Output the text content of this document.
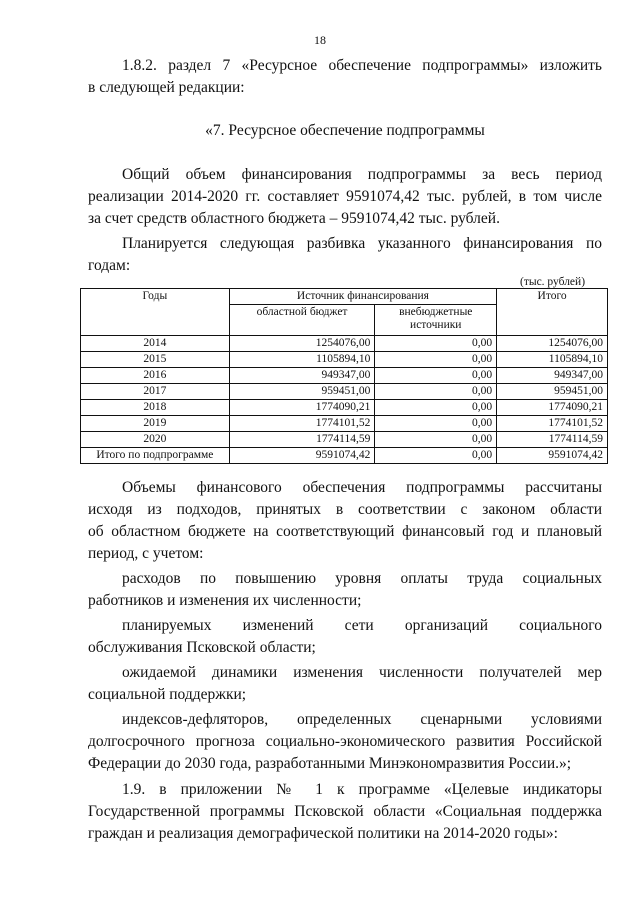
18

1.8.2. раздел 7 «Ресурсное обеспечение подпрограммы» изложить

в следующей редакции:

«7. Ресурсное обеспечение подпрограммы

Общий объем финансирования подпрограммы за весь период

реализации 2014-2020 гг. составляет 9591074,42 тыс. рублей, в том числе

за счет средств областного бюджета – 9591074,42 тыс. рублей.

Планируется следующая разбивка указанного финансирования по

годам:

(тыс. рублей)
Годы	Источник финансирования		Итого
	областной бюджет	внебюджетные источники	
2014	1254076,00	0,00	1254076,00
2015	1105894,10	0,00	1105894,10
2016	949347,00	0,00	949347,00
2017	959451,00	0,00	959451,00
2018	1774090,21	0,00	1774090,21
2019	1774101,52	0,00	1774101,52
2020	1774114,59	0,00	1774114,59
Итого по подпрограмме	9591074,42	0,00	9591074,42

Объемы финансового обеспечения подпрограммы рассчитаны

исходя из подходов, принятых в соответствии с законом области

об областном бюджете на соответствующий финансовый год и плановый

период, с учетом:

расходов по повышению уровня оплаты труда социальных

работников и изменения их численности;

планируемых изменений сети организаций социального

обслуживания Псковской области;

ожидаемой динамики изменения численности получателей мер

социальной поддержки;

индексов-дефляторов, определенных сценарными условиями

долгосрочного прогноза социально-экономического развития Российской

Федерации до 2030 года, разработанными Минэкономразвития России.»;

1.9. в приложении № 1 к программе «Целевые индикаторы

Государственной программы Псковской области «Социальная поддержка

граждан и реализация демографической политики на 2014-2020 годы»:
